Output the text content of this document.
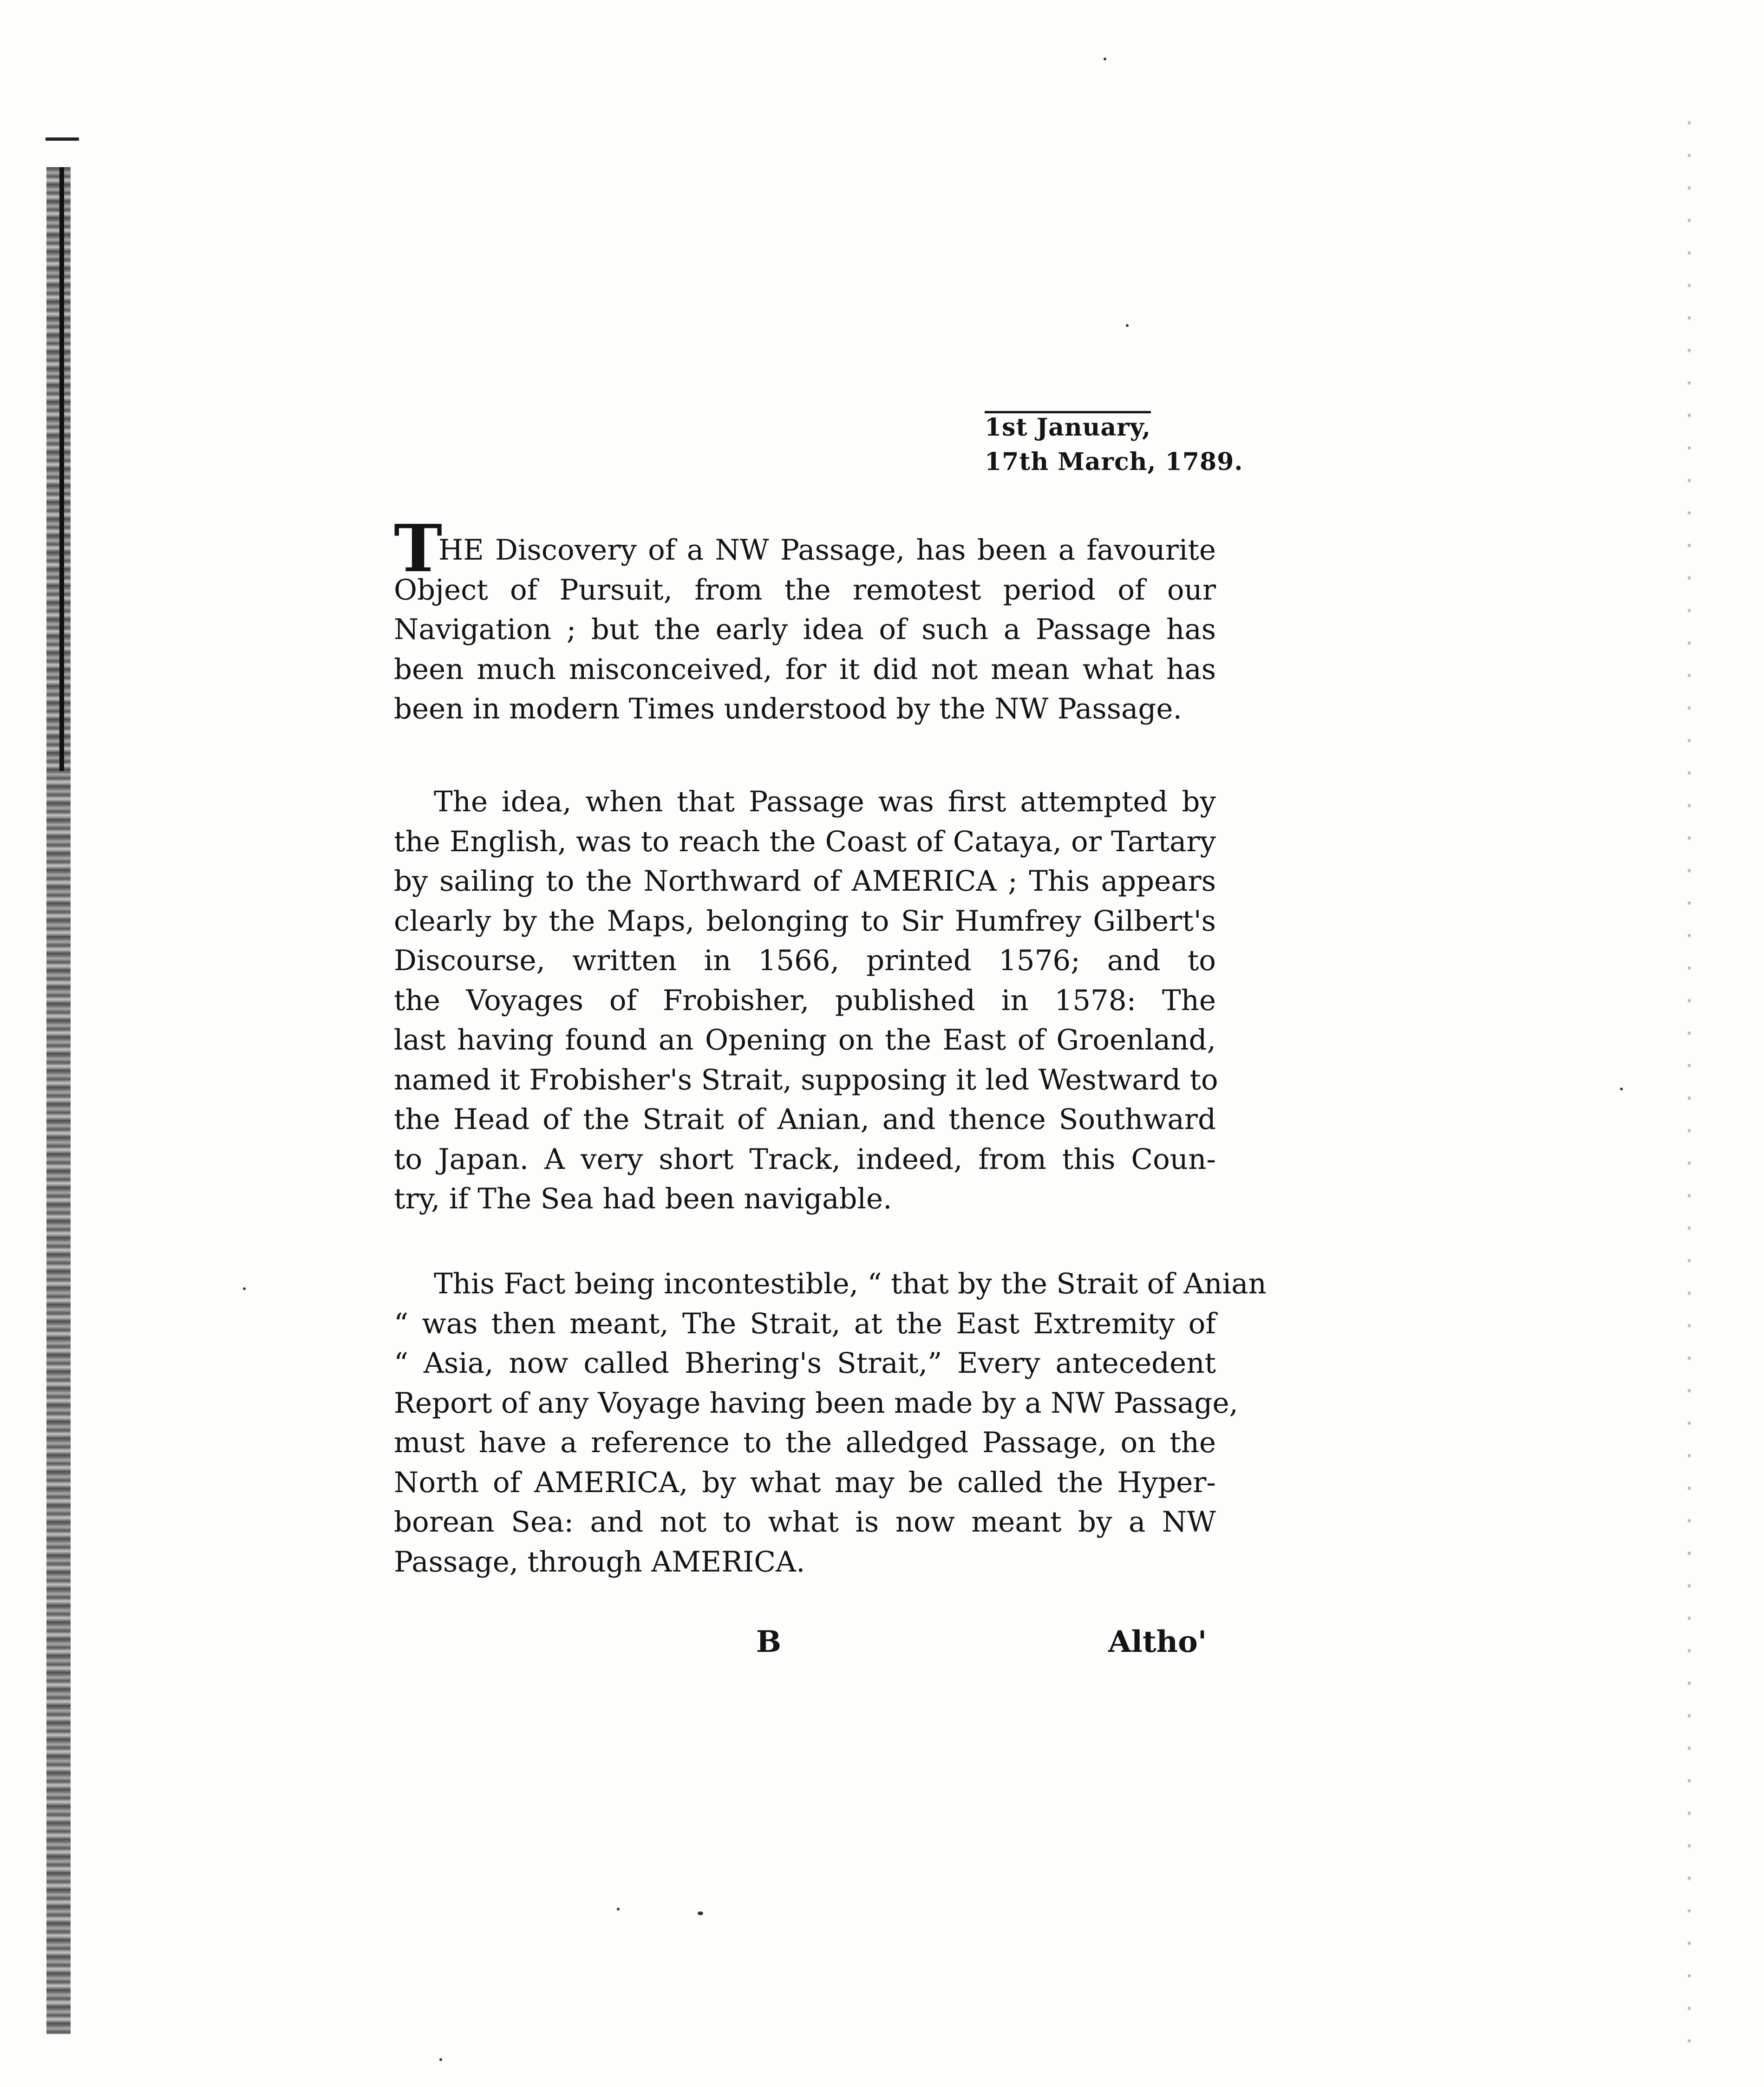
1st January,
17th March, 1789.
T
HE Discovery of a NW Passage, has been a favourite
Object of Pursuit, from the remotest period of our
Navigation ; but the early idea of such a Passage has
been much misconceived, for it did not mean what has
been in modern Times understood by the NW Passage.
The idea, when that Passage was first attempted by
the English, was to reach the Coast of Cataya, or Tartary
by sailing to the Northward of AMERICA ; This appears
clearly by the Maps, belonging to Sir Humfrey Gilbert's
Discourse, written in 1566, printed 1576; and to
the Voyages of Frobisher, published in 1578: The
last having found an Opening on the East of Groenland,
named it Frobisher's Strait, supposing it led Westward to
the Head of the Strait of Anian, and thence Southward
to Japan. A very short Track, indeed, from this Coun-
try, if The Sea had been navigable.
This Fact being incontestible, “ that by the Strait of Anian
“ was then meant, The Strait, at the East Extremity of
“ Asia, now called Bhering's Strait,” Every antecedent
Report of any Voyage having been made by a NW Passage,
must have a reference to the alledged Passage, on the
North of AMERICA, by what may be called the Hyper-
borean Sea: and not to what is now meant by a NW
Passage, through AMERICA.
B	Altho'
